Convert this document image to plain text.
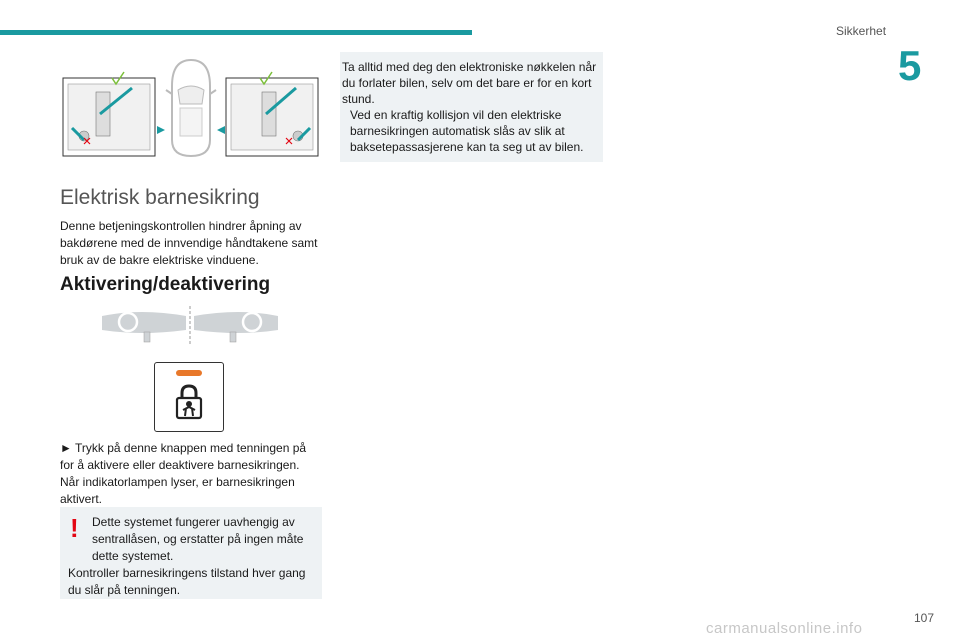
Sikkerhet
5
Elektrisk barnesikring
Denne betjeningskontrollen hindrer åpning av bakdørene med de innvendige håndtakene samt bruk av de bakre elektriske vinduene.
Aktivering/deaktivering
► Trykk på denne knappen med tenningen på for å aktivere eller deaktivere barnesikringen.
Når indikatorlampen lyser, er barnesikringen aktivert.
!	Dette systemet fungerer uavhengig av sentrallåsen, og erstatter på ingen måte dette systemet.
Kontroller barnesikringens tilstand hver gang du slår på tenningen.
Ta alltid med deg den elektroniske nøkkelen når du forlater bilen, selv om det bare er for en kort stund.
Ved en kraftig kollisjon vil den elektriske barnesikringen automatisk slås av slik at baksetepassasjerene kan ta seg ut av bilen.
107
carmanualsonline.info
